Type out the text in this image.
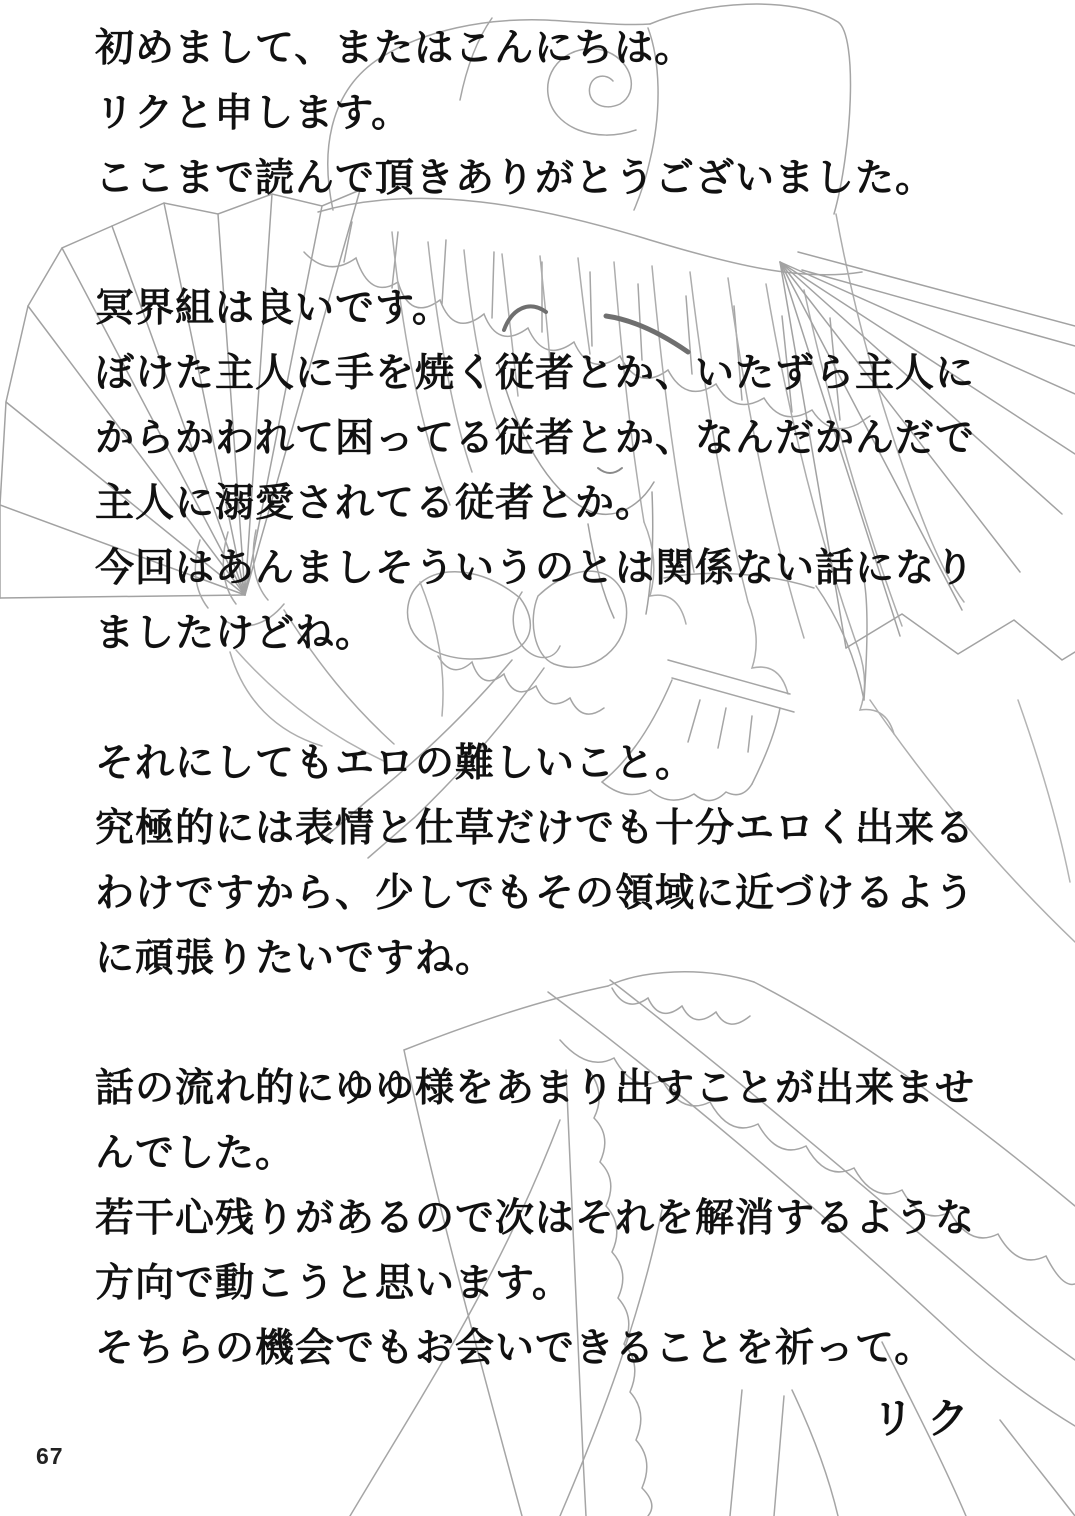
初めまして、またはこんにちは。
リクと申します。
ここまで読んで頂きありがとうございました。
冥界組は良いです。
ぼけた主人に手を焼く従者とか、いたずら主人に
からかわれて困ってる従者とか、なんだかんだで
主人に溺愛されてる従者とか。
今回はあんましそういうのとは関係ない話になり
ましたけどね。
それにしてもエロの難しいこと。
究極的には表情と仕草だけでも十分エロく出来る
わけですから、少しでもその領域に近づけるよう
に頑張りたいですね。
話の流れ的にゆゆ様をあまり出すことが出来ませ
んでした。
若干心残りがあるので次はそれを解消するような
方向で動こうと思います。
そちらの機会でもお会いできることを祈って。
リク
67
